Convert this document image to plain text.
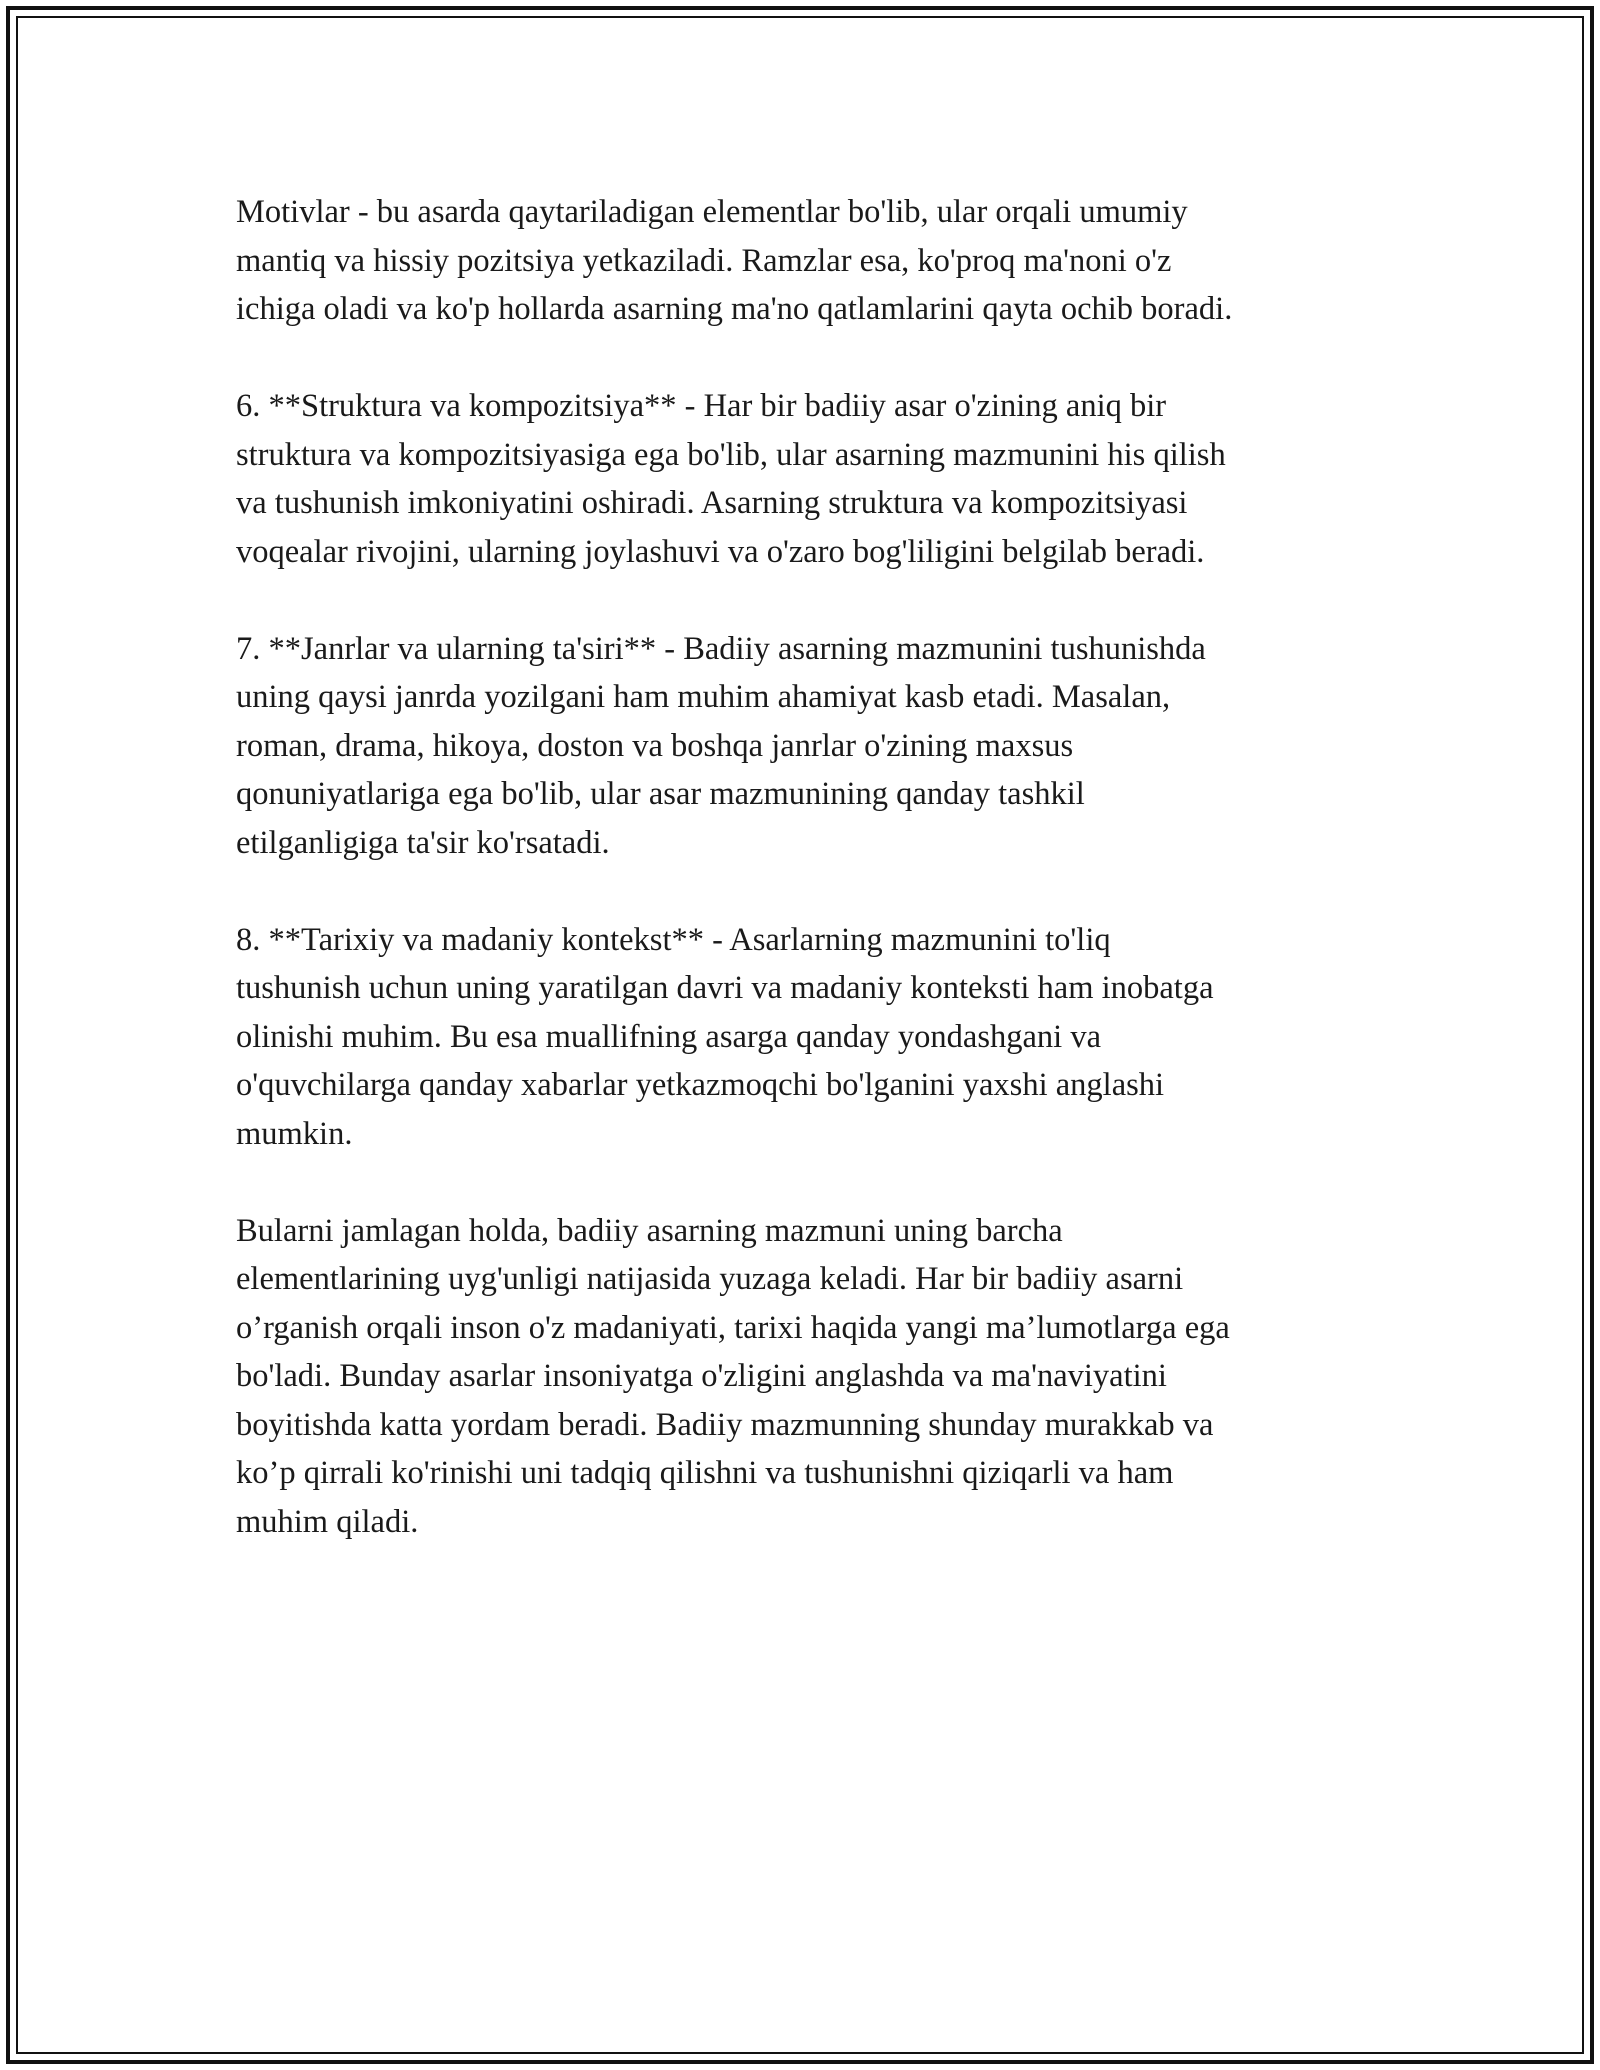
Motivlar - bu asarda qaytariladigan elementlar bo'lib, ular orqali umumiy
mantiq va hissiy pozitsiya yetkaziladi. Ramzlar esa, ko'proq ma'noni o'z
ichiga oladi va ko'p hollarda asarning ma'no qatlamlarini qayta ochib boradi.

6. **Struktura va kompozitsiya** - Har bir badiiy asar o'zining aniq bir
struktura va kompozitsiyasiga ega bo'lib, ular asarning mazmunini his qilish
va tushunish imkoniyatini oshiradi. Asarning struktura va kompozitsiyasi
voqealar rivojini, ularning joylashuvi va o'zaro bog'liligini belgilab beradi.

7. **Janrlar va ularning ta'siri** - Badiiy asarning mazmunini tushunishda
uning qaysi janrda yozilgani ham muhim ahamiyat kasb etadi. Masalan,
roman, drama, hikoya, doston va boshqa janrlar o'zining maxsus
qonuniyatlariga ega bo'lib, ular asar mazmunining qanday tashkil
etilganligiga ta'sir ko'rsatadi.

8. **Tarixiy va madaniy kontekst** - Asarlarning mazmunini to'liq
tushunish uchun uning yaratilgan davri va madaniy konteksti ham inobatga
olinishi muhim. Bu esa muallifning asarga qanday yondashgani va
o'quvchilarga qanday xabarlar yetkazmoqchi bo'lganini yaxshi anglashi
mumkin.

Bularni jamlagan holda, badiiy asarning mazmuni uning barcha
elementlarining uyg'unligi natijasida yuzaga keladi. Har bir badiiy asarni
o’rganish orqali inson o'z madaniyati, tarixi haqida yangi ma’lumotlarga ega
bo'ladi. Bunday asarlar insoniyatga o'zligini anglashda va ma'naviyatini
boyitishda katta yordam beradi. Badiiy mazmunning shunday murakkab va
ko’p qirrali ko'rinishi uni tadqiq qilishni va tushunishni qiziqarli va ham
muhim qiladi.
